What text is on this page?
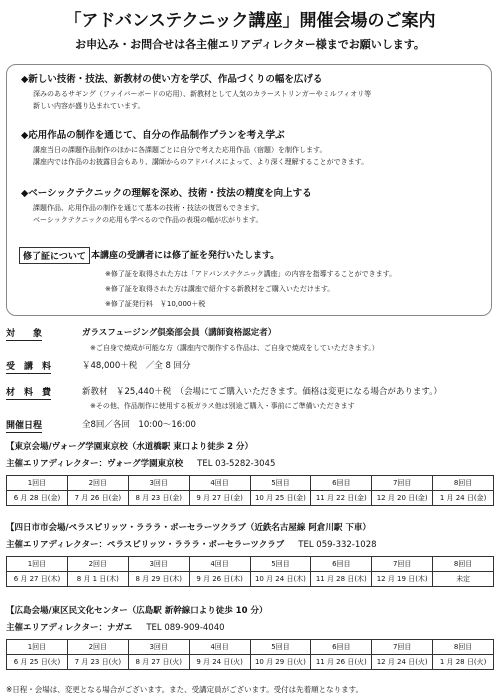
「アドバンステクニック講座」開催会場のご案内
お申込み・お問合せは各主催エリアディレクター様までお願いします。
◆新しい技術・技法、新教材の使い方を学び、作品づくりの幅を広げる
深みのあるサギング（ファイバーボードの応用）、新教材として人気のカラーストリンガーやミルフィオリ等
新しい内容が盛り込まれています。
◆応用作品の制作を通じて、自分の作品制作プランを考え学ぶ
講座当日の課題作品制作のほかに各課題ごとに自分で考えた応用作品（宿題）を制作します。
講座内では作品のお披露目会もあり、講師からのアドバイスによって、より深く理解することができます。
◆ベーシックテクニックの理解を深め、技術・技法の精度を向上する
課題作品、応用作品の制作を通じて基本の技術・技法の復習もできます。
ベーシックテクニックの応用も学べるので作品の表現の幅が広がります。
修了証について 本講座の受講者には修了証を発行いたします。
※修了証を取得された方は「アドバンステクニック講座」の内容を指導することができます。
※修了証を取得された方は講座で紹介する新教材をご購入いただけます。
※修了証発行料　￥10,000＋税
対　　象	ガラスフュージング倶楽部会員（講師資格認定者）
※ご自身で焼成が可能な方（講座内で制作する作品は、ご自身で焼成をしていただきます。）
受　講　料	￥48,000＋税　／全 8 回分
材　料　費	新教材　￥25,440＋税　（会場にてご購入いただきます。価格は変更になる場合があります。）
※その他、作品制作に使用する板ガラス他は別途ご購入・事前にご準備いただきます
開催日程	全8回／各回　10:00～16:00
【東京会場/ヴォーグ学園東京校（水道橋駅 東口より徒歩 2 分）
主催エリアディレクター：ヴォーグ学園東京校 TEL 03-5282-3045
1回目	2回目	3回目	4回目	5回目	6回目	7回目	8回目
6 月 28 日(金)	7 月 26 日(金)	8 月 23 日(金)	9 月 27 日(金)	10 月 25 日(金)	11 月 22 日(金)	12 月 20 日(金)	1 月 24 日(金)
【四日市市会場/ペラスピリッツ・ラララ・ボーセラーツクラブ（近鉄名古屋線 阿倉川駅 下車）
主催エリアディレクター：ペラスピリッツ・ラララ・ボーセラーツクラブ TEL 059-332-1028
1回目	2回目	3回目	4回目	5回目	6回目	7回目	8回目
6 月 27 日(木)	8 月 1 日(木)	8 月 29 日(木)	9 月 26 日(木)	10 月 24 日(木)	11 月 28 日(木)	12 月 19 日(木)	未定
【広島会場/東区民文化センター（広島駅 新幹線口より徒歩 10 分）
主催エリアディレクター：ナガエ TEL 089-909-4040
1回目	2回目	3回目	4回目	5回目	6回目	7回目	8回目
6 月 25 日(火)	7 月 23 日(火)	8 月 27 日(火)	9 月 24 日(火)	10 月 29 日(火)	11 月 26 日(火)	12 月 24 日(火)	1 月 28 日(火)
※日程・会場は、変更となる場合がございます。また、受講定員がございます。受付は先着順となります。
